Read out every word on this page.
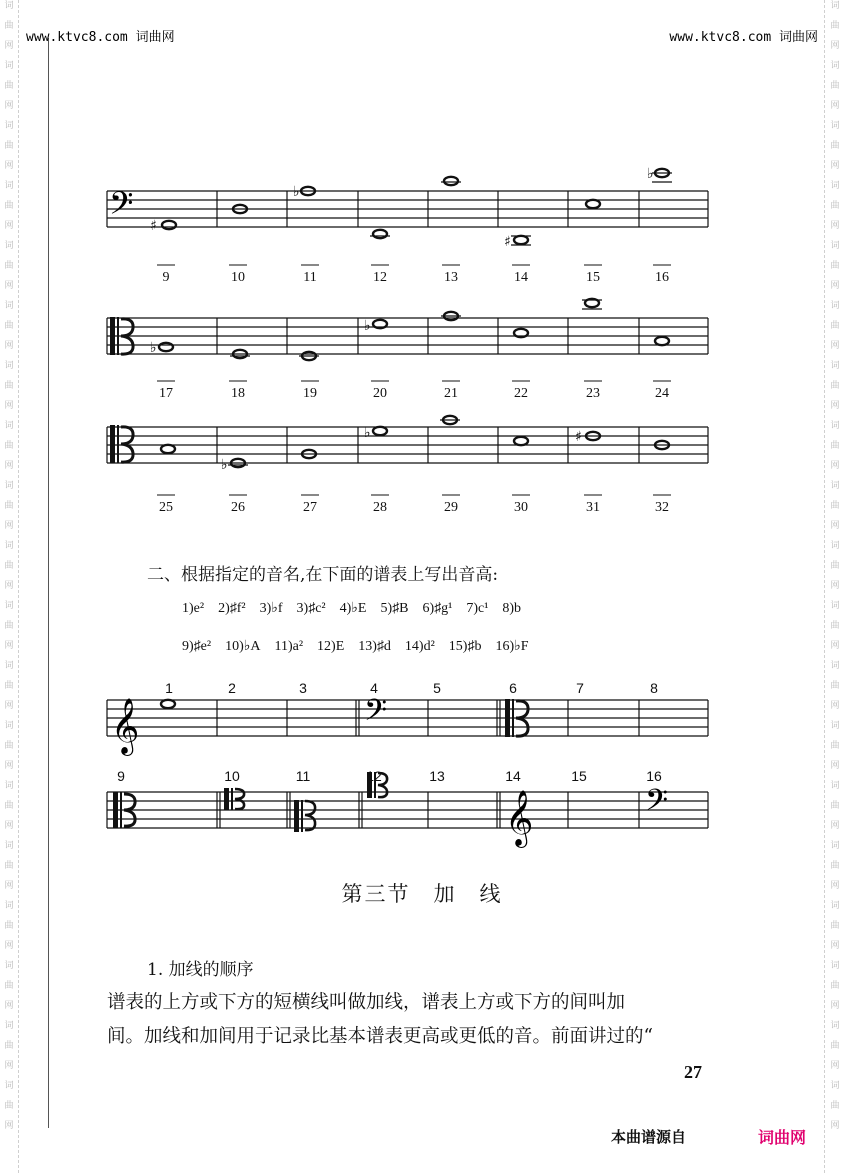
词
曲
网
词
曲
网
词
曲
网
词
曲
网
词
曲
网
词
曲
网
词
曲
网
词
曲
网
词
曲
网
词
曲
网
词
曲
网
词
曲
网
词
曲
网
词
曲
网
词
曲
网
词
曲
网
词
曲
网
词
曲
网
词
曲
网
词
曲
网
词
曲
网
词
曲
网
词
曲
网
词
曲
网
词
曲
网
词
曲
网
词
曲
网
词
曲
网
词
曲
网
词
曲
网
词
曲
网
词
曲
网
词
曲
网
词
曲
网
词
曲
网
词
曲
网
词
曲
网
词
曲
网
www.ktvc8.com 词曲网	www.ktvc8.com 词曲网
𝄢 ♯
♭
♯
♭
♭
♭
♭
♭	♯
9	10	11	12	13	14	15	16
17	18	19	20	21	22	23	24
25	26	27	28	29	30	31	32
二、根据指定的音名,在下面的谱表上写出音高:
1)e² 2)♯f² 3)♭f 3)♯c² 4)♭E 5)♯B 6)♯g¹ 7)c¹ 8)b
9)♯e² 10)♭A 11)a² 12)E 13)♯d 14)d² 15)♯b 16)♭F
𝄞	𝄢
𝄞	𝄢
1	2	3	4	5	6	7	8
9	10	11	12	13	14	15	16
第三节　加　线
1. 加线的顺序
谱表的上方或下方的短横线叫做加线，谱表上方或下方的间叫加
间。加线和加间用于记录比基本谱表更高或更低的音。前面讲过的“
27
本曲谱源自	词曲网
